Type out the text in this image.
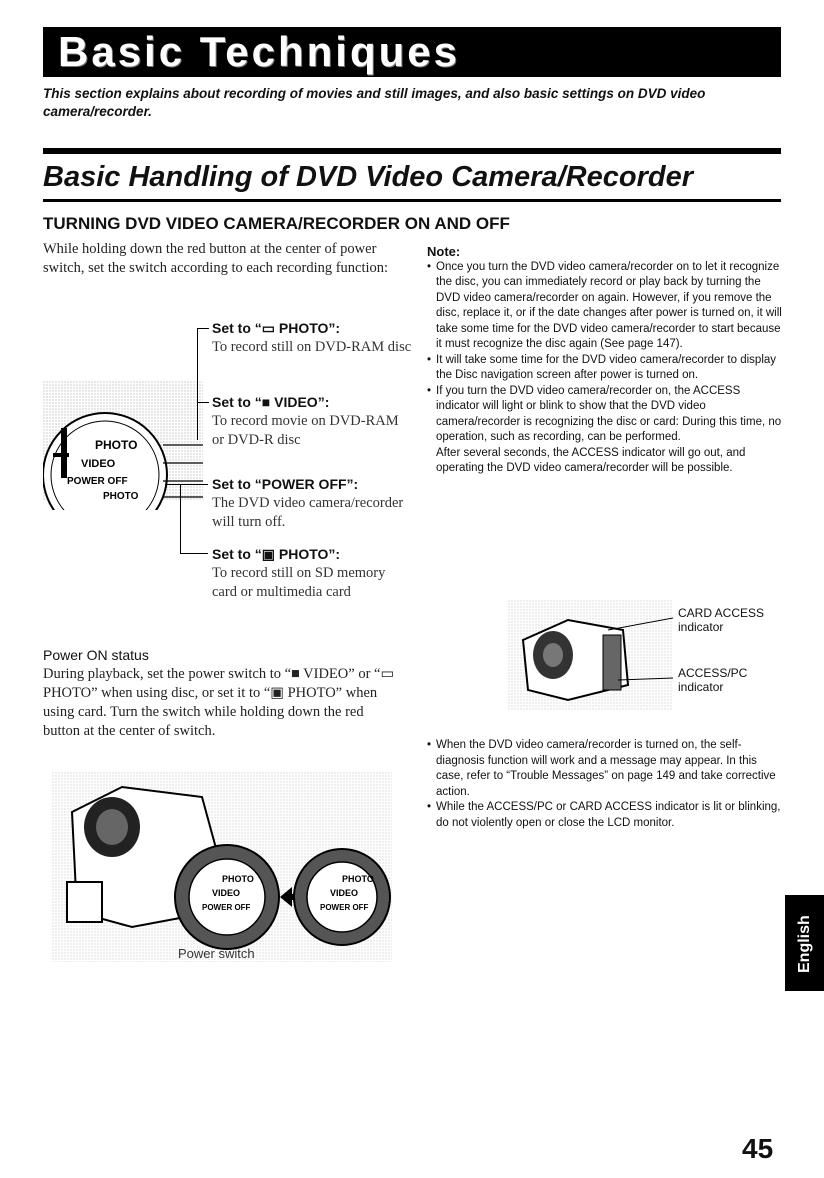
Basic Techniques
This section explains about recording of movies and still images, and also basic settings on DVD video camera/recorder.
Basic Handling of DVD Video Camera/Recorder
TURNING DVD VIDEO CAMERA/RECORDER ON AND OFF
While holding down the red button at the center of power switch, set the switch according to each recording function:
PHOTO
VIDEO
POWER OFF
PHOTO
Set to “▭ PHOTO”:
To record still on DVD-RAM disc
Set to “■ VIDEO”:
To record movie on DVD-RAM or DVD-R disc
Set to “POWER OFF”:
The DVD video camera/recorder will turn off.
Set to “▣ PHOTO”:
To record still on SD memory card or multimedia card
Power ON status
During playback, set the power switch to “■ VIDEO” or “▭ PHOTO” when using disc, or set it to “▣ PHOTO” when using card. Turn the switch while holding down the red button at the center of switch.
PHOTO
VIDEO
POWER OFF
PHOTO
VIDEO
POWER OFF
Power switch
Note:
• Once you turn the DVD video camera/recorder on to let it recognize the disc, you can immediately record or play back by turning the DVD video camera/recorder on again. However, if you remove the disc, replace it, or if the date changes after power is turned on, it will take some time for the DVD video camera/recorder to start because it must recognize the disc again (See page 147).
• It will take some time for the DVD video camera/recorder to display the Disc navigation screen after power is turned on.
• If you turn the DVD video camera/recorder on, the ACCESS indicator will light or blink to show that the DVD video camera/recorder is recognizing the disc or card: During this time, no operation, such as recording, can be performed.
After several seconds, the ACCESS indicator will go out, and operating the DVD video camera/recorder will be possible.
CARD ACCESS
indicator
ACCESS/PC
indicator
• When the DVD video camera/recorder is turned on, the self-diagnosis function will work and a message may appear. In this case, refer to “Trouble Messages” on page 149 and take corrective action.
• While the ACCESS/PC or CARD ACCESS indicator is lit or blinking, do not violently open or close the LCD monitor.
English
45
